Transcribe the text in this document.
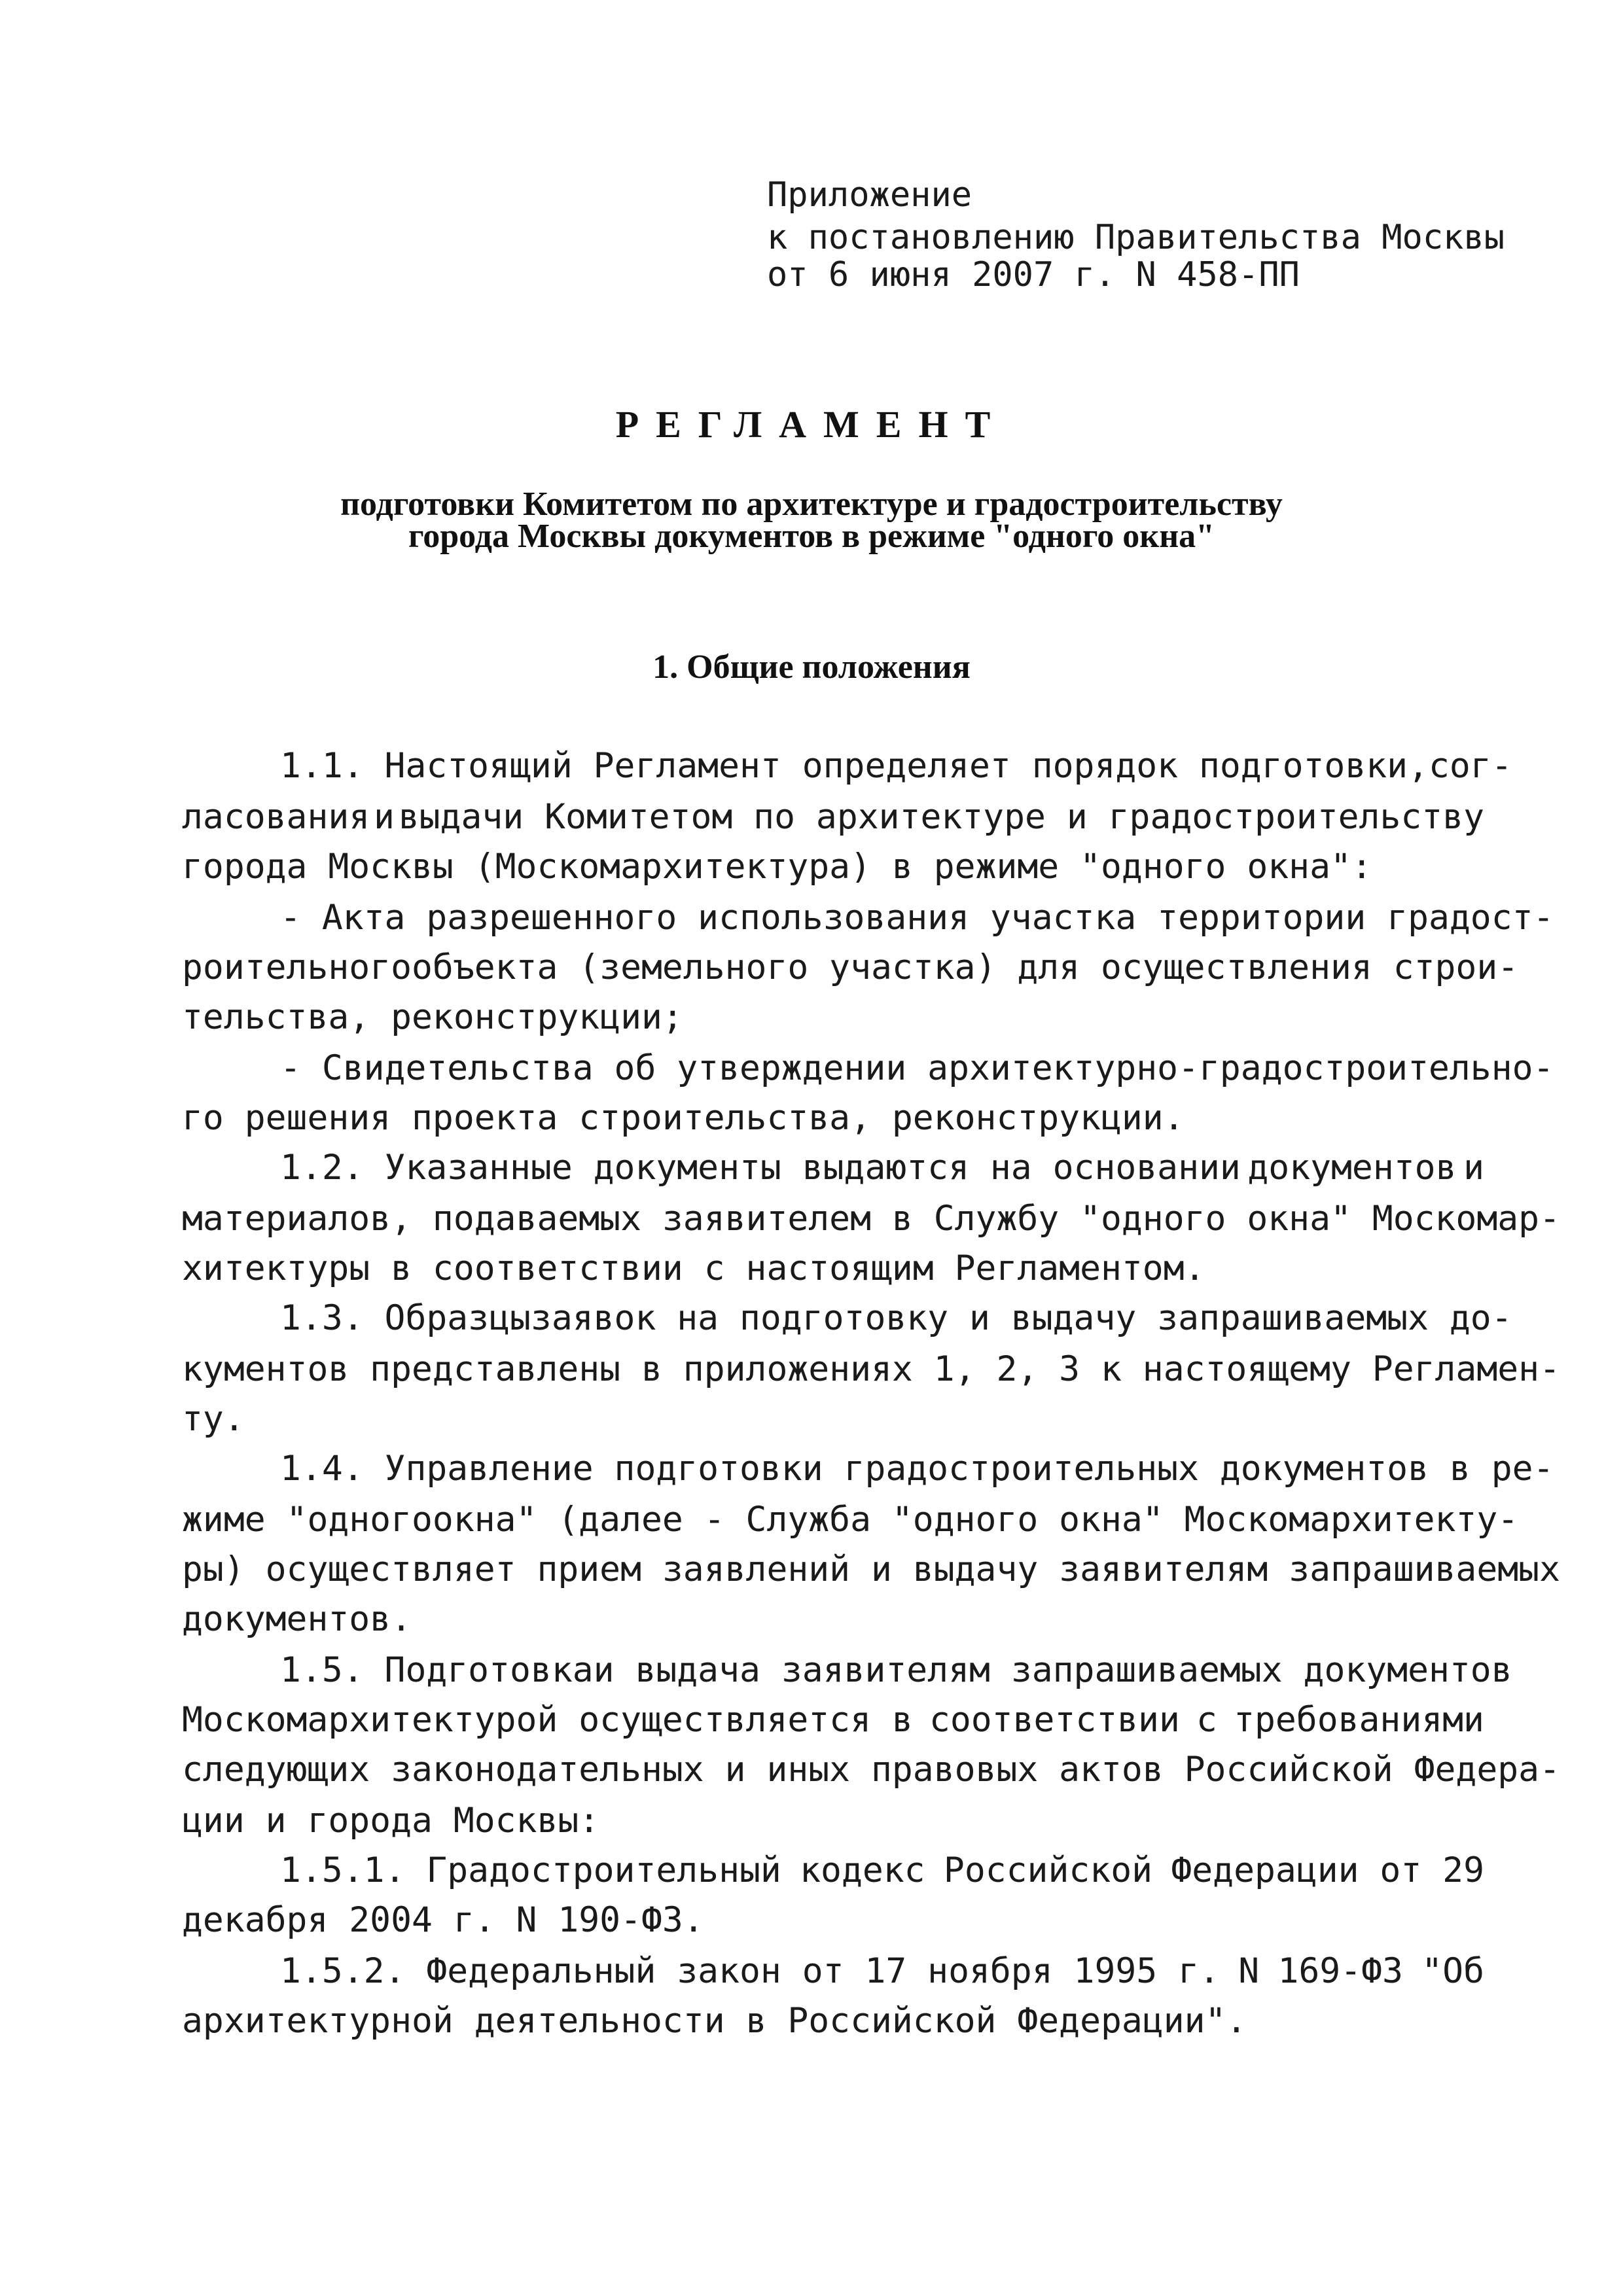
Приложение
к постановлению Правительства Москвы
от 6 июня 2007 г. N 458-ПП
РЕГЛАМЕНТ
подготовки Комитетом по архитектуре и градостроительству
города Москвы документов в режиме "одного окна"
1. Общие положения
1.1. Настоящий Регламент определяет порядок подготовки, сог-
ласования и выдачи Комитетом по архитектуре и градостроительству
города Москвы (Москомархитектура) в режиме "одного окна":
- Акта разрешенного использования участка территории градост-
роительного объекта (земельного участка) для осуществления строи-
тельства, реконструкции;
- Свидетельства об утверждении архитектурно-градостроительно-
го решения проекта строительства, реконструкции.
1.2. Указанные документы выдаются на основании документов и
материалов, подаваемых заявителем в Службу "одного окна" Москомар-
хитектуры в соответствии с настоящим Регламентом.
1.3. Образцы заявок на подготовку и выдачу запрашиваемых до-
кументов представлены в приложениях 1, 2, 3 к настоящему Регламен-
ту.
1.4. Управление подготовки градостроительных документов в ре-
жиме "одного окна" (далее - Служба "одного окна" Москомархитекту-
ры) осуществляет прием заявлений и выдачу заявителям запрашиваемых
документов.
1.5. Подготовка и выдача заявителям запрашиваемых документов
Москомархитектурой осуществляется в соответствии с требованиями
следующих законодательных и иных правовых актов Российской Федера-
ции и города Москвы:
1.5.1. Градостроительный кодекс Российской Федерации от 29
декабря 2004 г. N 190-ФЗ.
1.5.2. Федеральный закон от 17 ноября 1995 г. N 169-ФЗ "Об
архитектурной деятельности в Российской Федерации".
